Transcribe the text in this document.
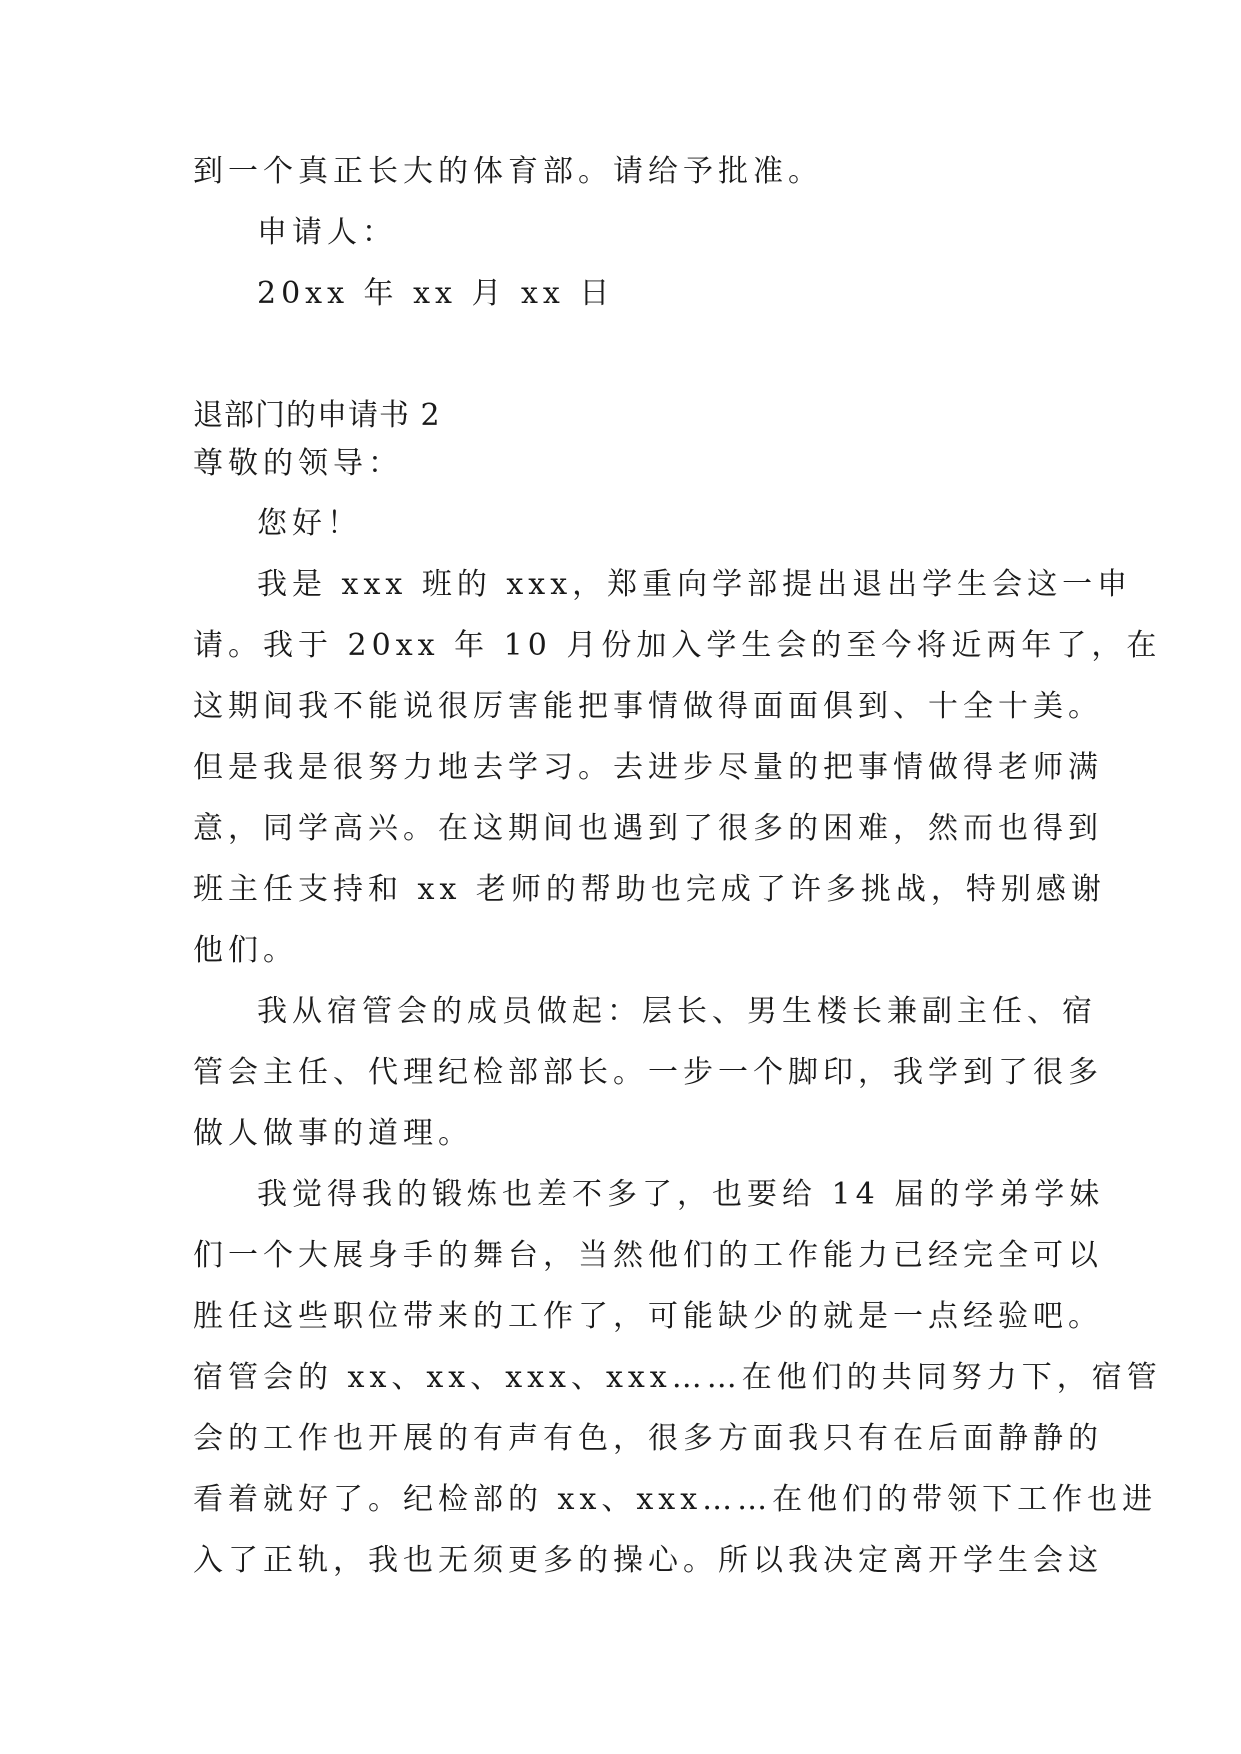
到一个真正长大的体育部。请给予批准。

申请人：

20xx 年 xx 月 xx 日

退部门的申请书 2

尊敬的领导：

您好！

我是 xxx 班的 xxx，郑重向学部提出退出学生会这一申

请。我于 20xx 年 10 月份加入学生会的至今将近两年了，在

这期间我不能说很厉害能把事情做得面面俱到、十全十美。

但是我是很努力地去学习。去进步尽量的把事情做得老师满

意，同学高兴。在这期间也遇到了很多的困难，然而也得到

班主任支持和 xx 老师的帮助也完成了许多挑战，特别感谢

他们。

我从宿管会的成员做起：层长、男生楼长兼副主任、宿

管会主任、代理纪检部部长。一步一个脚印，我学到了很多

做人做事的道理。

我觉得我的锻炼也差不多了，也要给 14 届的学弟学妹

们一个大展身手的舞台，当然他们的工作能力已经完全可以

胜任这些职位带来的工作了，可能缺少的就是一点经验吧。

宿管会的 xx、xx、xxx、xxx……在他们的共同努力下，宿管

会的工作也开展的有声有色，很多方面我只有在后面静静的

看着就好了。纪检部的 xx、xxx……在他们的带领下工作也进

入了正轨，我也无须更多的操心。所以我决定离开学生会这
